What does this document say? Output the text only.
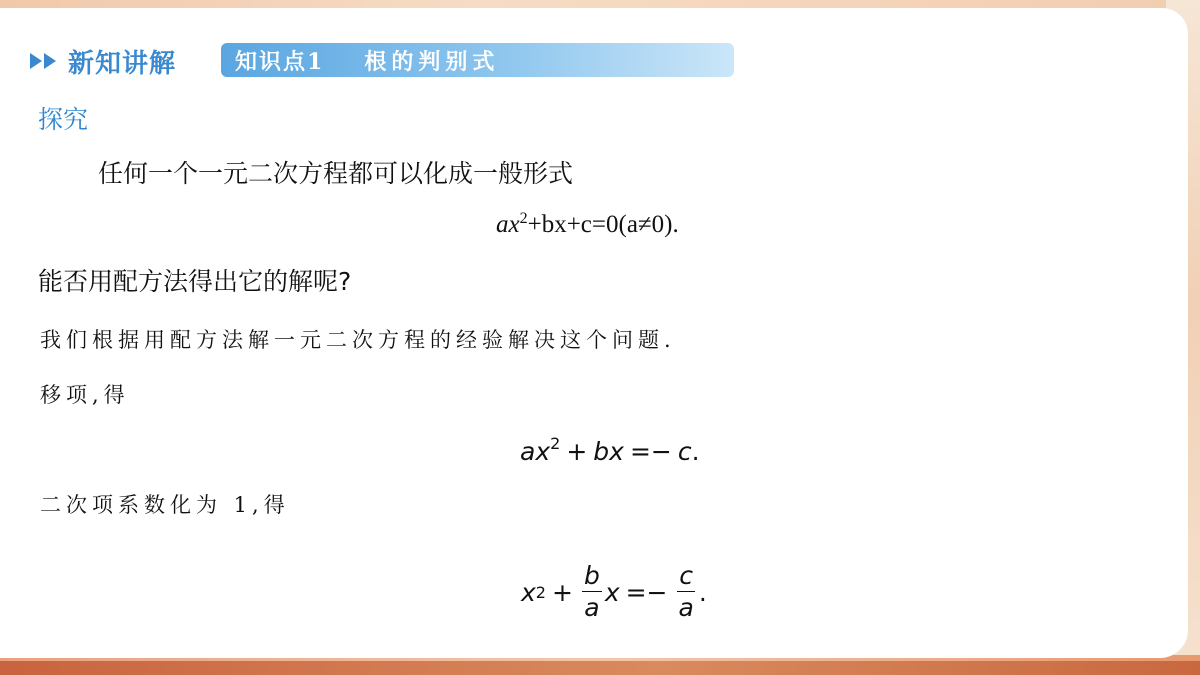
新知讲解	知识点1 根的判别式
探究
任何一个一元二次方程都可以化成一般形式
$ax^2+bx+c=0(a\ne 0)$.
能否用配方法得出它的解呢?
我们根据用配方法解一元二次方程的经验解决这个问题.
移项,得
$ax^2$ + bx =− c.
二次项系数化为 1,得
x $2 + \frac{b}{a}$ $x =- \frac{c}{a}$ .
